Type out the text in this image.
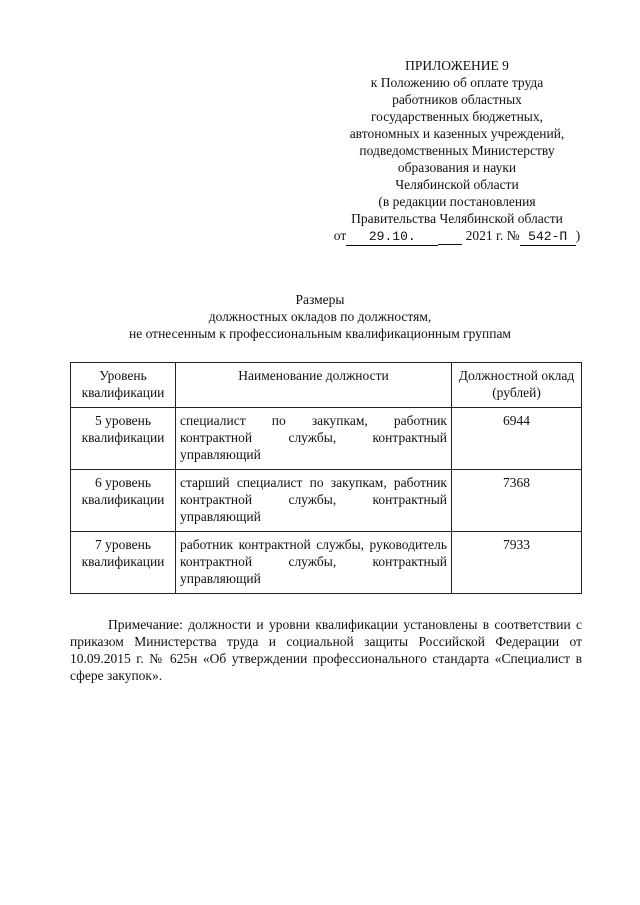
ПРИЛОЖЕНИЕ 9
к Положению об оплате труда
работников областных
государственных бюджетных,
автономных и казенных учреждений,
подведомственных Министерству
образования и науки
Челябинской области
(в редакции постановления
Правительства Челябинской области
от 29.10.	2021 г. № 542-П )
Размеры
должностных окладов по должностям,
не отнесенным к профессиональным квалификационным группам
Уровень квалификации	Наименование должности	Должностной оклад (рублей)
5 уровень квалификации	специалист по закупкам, работник контрактной службы, контрактный управляющий	6944
6 уровень квалификации	старший специалист по закупкам, работник контрактной службы, контрактный управляющий	7368
7 уровень квалификации	работник контрактной службы, руководитель контрактной службы, контрактный управляющий	7933
Примечание: должности и уровни квалификации установлены в соответствии с приказом Министерства труда и социальной защиты Российской Федерации от 10.09.2015 г. № 625н «Об утверждении профессионального стандарта «Специалист в сфере закупок».
